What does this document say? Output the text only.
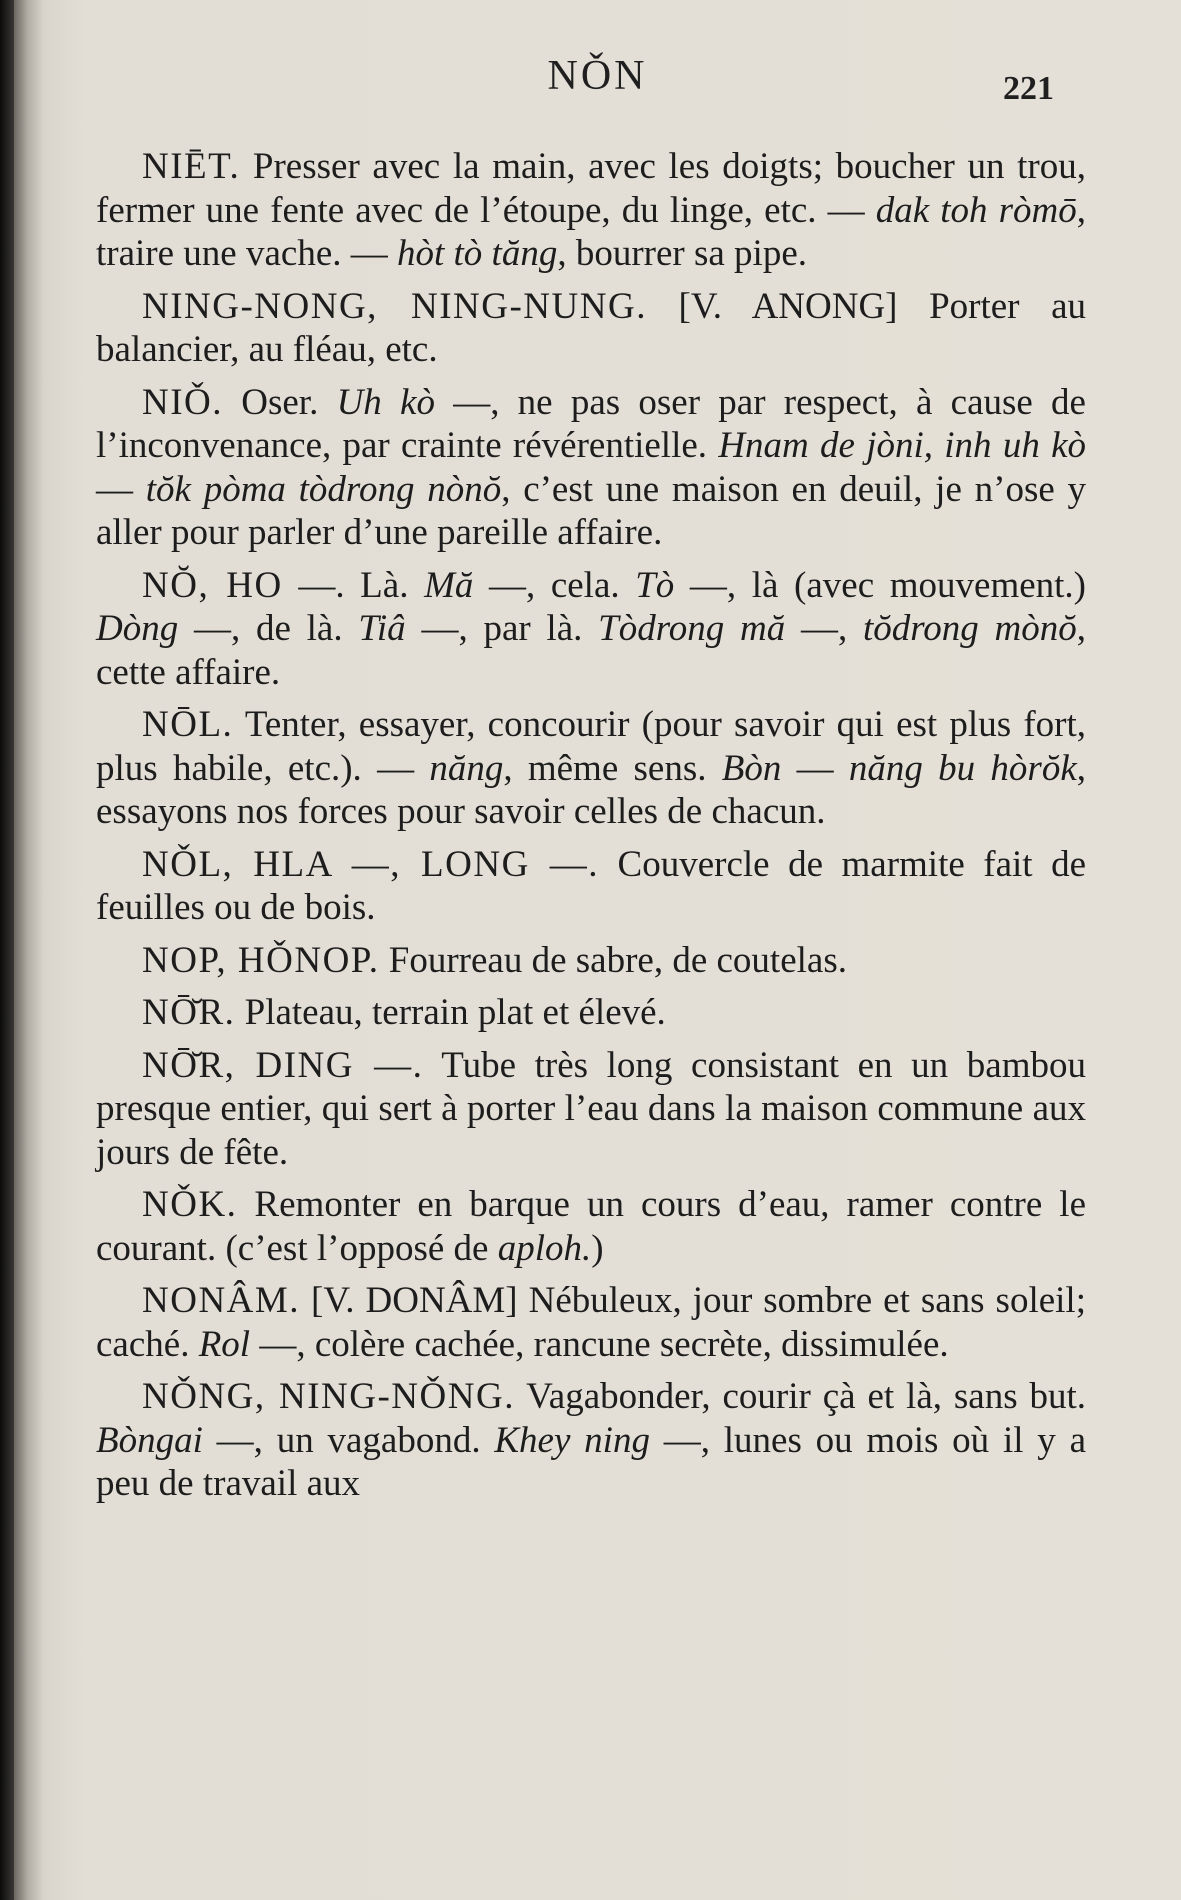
NǑN	221

NIĒT. Presser avec la main, avec les doigts; boucher un trou, fermer une fente avec de l’étoupe, du linge, etc. — dak toh ròmō, traire une vache. — hòt tò tăng, bourrer sa pipe.

NING-NONG, NING-NUNG. [V. ANONG] Porter au balancier, au fléau, etc.

NIǑ. Oser. Uh kò —, ne pas oser par respect, à cause de l’inconvenance, par crainte révérentielle. Hnam de jòni, inh uh kò — tŏk pòma tòdrong nònŏ, c’est une maison en deuil, je n’ose y aller pour parler d’une pareille affaire.

NŎ, HO —. Là. Mă —, cela. Tò —, là (avec mouvement.) Dòng —, de là. Tiâ —, par là. Tòdrong mă —, tŏdrong mònŏ, cette affaire.

NŌL. Tenter, essayer, concourir (pour savoir qui est plus fort, plus habile, etc.). — năng, même sens. Bòn — năng bu hòrŏk, essayons nos forces pour savoir celles de chacun.

NǑL, HLA —, LONG —. Couvercle de marmite fait de feuilles ou de bois.

NOP, HǑNOP. Fourreau de sabre, de coutelas.

NŌ̆R. Plateau, terrain plat et élevé.

NŌ̆R, DING —. Tube très long consistant en un bambou presque entier, qui sert à porter l’eau dans la maison commune aux jours de fête.

NǑK. Remonter en barque un cours d’eau, ramer contre le courant. (c’est l’opposé de aploh.)

NONÂM. [V. DONÂM] Nébuleux, jour sombre et sans soleil; caché. Rol —, colère cachée, rancune secrète, dissimulée.

NǑNG, NING-NǑNG. Vagabonder, courir çà et là, sans but. Bòngai —, un vagabond. Khey ning —, lunes ou mois où il y a peu de travail aux
